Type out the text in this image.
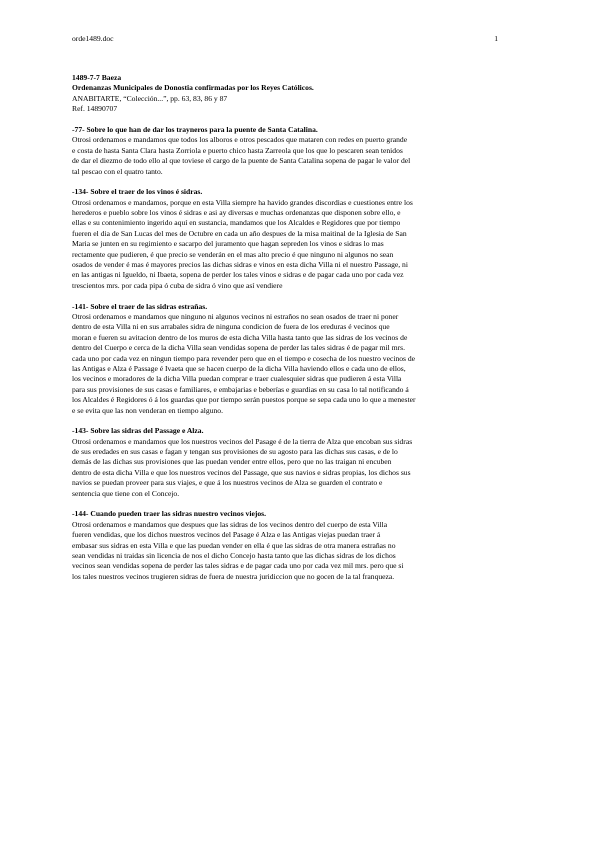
orde1489.doc	1
1489-7-7 Baeza
Ordenanzas Municipales de Donostia confirmadas por los Reyes Católicos.
ANABITARTE, “Colección...”, pp. 63, 83, 86 y 87
Ref. 14890707
-77- Sobre lo que han de dar los trayneros para la puente de Santa Catalina.
Otrosi ordenamos e mandamos que todos los alboros e otros pescados que mataren con redes en puerto grande
e costa de hasta Santa Clara hasta Zorriola e puerto chico hasta Zarreola que los que lo pescaren sean tenidos
de dar el diezmo de todo ello al que toviese el cargo de la puente de Santa Catalina sopena de pagar le valor del
tal pescao con el quatro tanto.
-134- Sobre el traer de los vinos é sidras.
Otrosi ordenamos e mandamos, porque en esta Villa siempre ha havido grandes discordias e cuestiones entre los
herederos e pueblo sobre los vinos é sidras e asi ay diversas e muchas ordenanzas que disponen sobre ello, e
ellas e su contenimiento ingerido aquí en sustancia, mandamos que los Alcaldes e Regidores que por tiempo
fueren el dia de San Lucas del mes de Octubre en cada un año despues de la misa maitinal de la Iglesia de San
Maria se junten en su regimiento e sacarpo del juramento que hagan sepreden los vinos e sidras lo mas
rectamente que pudieren, é que precio se venderán en el mas alto precio é que ninguno ni algunos no sean
osados de vender é mas é mayores precios las dichas sidras e vinos en esta dicha Villa ni el nuestro Passage, ni
en las antigas ni Igueldo, ni Ibaeta, sopena de perder los tales vinos e sidras e de pagar cada uno por cada vez
trescientos mrs. por cada pipa ó cuba de sidra ó vino que así vendiere
-141- Sobre el traer de las sidras estrañas.
Otrosi ordenamos e mandamos que ninguno ni algunos vecinos ni estraños no sean osados de traer ni poner
dentro de esta Villa ni en sus arrabales sidra de ninguna condicion de fuera de los ereduras é vecinos que
moran e fueren su avitacion dentro de los muros de esta dicha Villa hasta tanto que las sidras de los vecinos de
dentro del Cuerpo e cerca de la dicha Villa sean vendidas sopena de perder las tales sidras é de pagar mil mrs.
cada uno por cada vez en ningun tiempo para revender pero que en el tiempo e cosecha de los nuestro vecinos de
las Antigas e Alza é Passage é Ivaeta que se hacen cuerpo de la dicha Villa haviendo ellos e cada uno de ellos,
los vecinos e moradores de la dicha Villa puedan comprar e traer cualesquier sidras que pudieren á esta Villa
para sus provisiones de sus casas e familiares, e embajarias e beberías e guardias en su casa lo tal notificando á
los Alcaldes é Regidores ó á los guardas que por tiempo serán puestos porque se sepa cada uno lo que a menester
e se evita que las non venderan en tiempo alguno.
-143- Sobre las sidras del Passage e Alza.
Otrosi ordenamos e mandamos que los nuestros vecinos del Pasage é de la tierra de Alza que encoban sus sidras
de sus eredades en sus casas e fagan y tengan sus provisiones de su agosto para las dichas sus casas, e de lo
demás de las dichas sus provisiones que las puedan vender entre ellos, pero que no las traigan ni encuben
dentro de esta dicha Villa e que los nuestros vecinos del Passage, que sus navios e sidras propias, los dichos sus
navios se puedan proveer para sus viajes, e que á los nuestros vecinos de Alza se guarden el contrato e
sentencia que tiene con el Concejo.
-144- Cuando pueden traer las sidras nuestro vecinos viejos.
Otrosi ordenamos e mandamos que despues que las sidras de los vecinos dentro del cuerpo de esta Villa
fueren vendidas, que los dichos nuestros vecinos del Pasage é Alza e las Antigas viejas puedan traer á
embasar sus sidras en esta Villa e que las puedan vender en ella é que las sidras de otra manera estrañas no
sean vendidas ni traidas sin licencia de nos el dicho Concejo hasta tanto que las dichas sidras de los dichos
vecinos sean vendidas sopena de perder las tales sidras e de pagar cada uno por cada vez mil mrs. pero que si
los tales nuestros vecinos trugieren sidras de fuera de nuestra juridiccion que no gocen de la tal franqueza.
